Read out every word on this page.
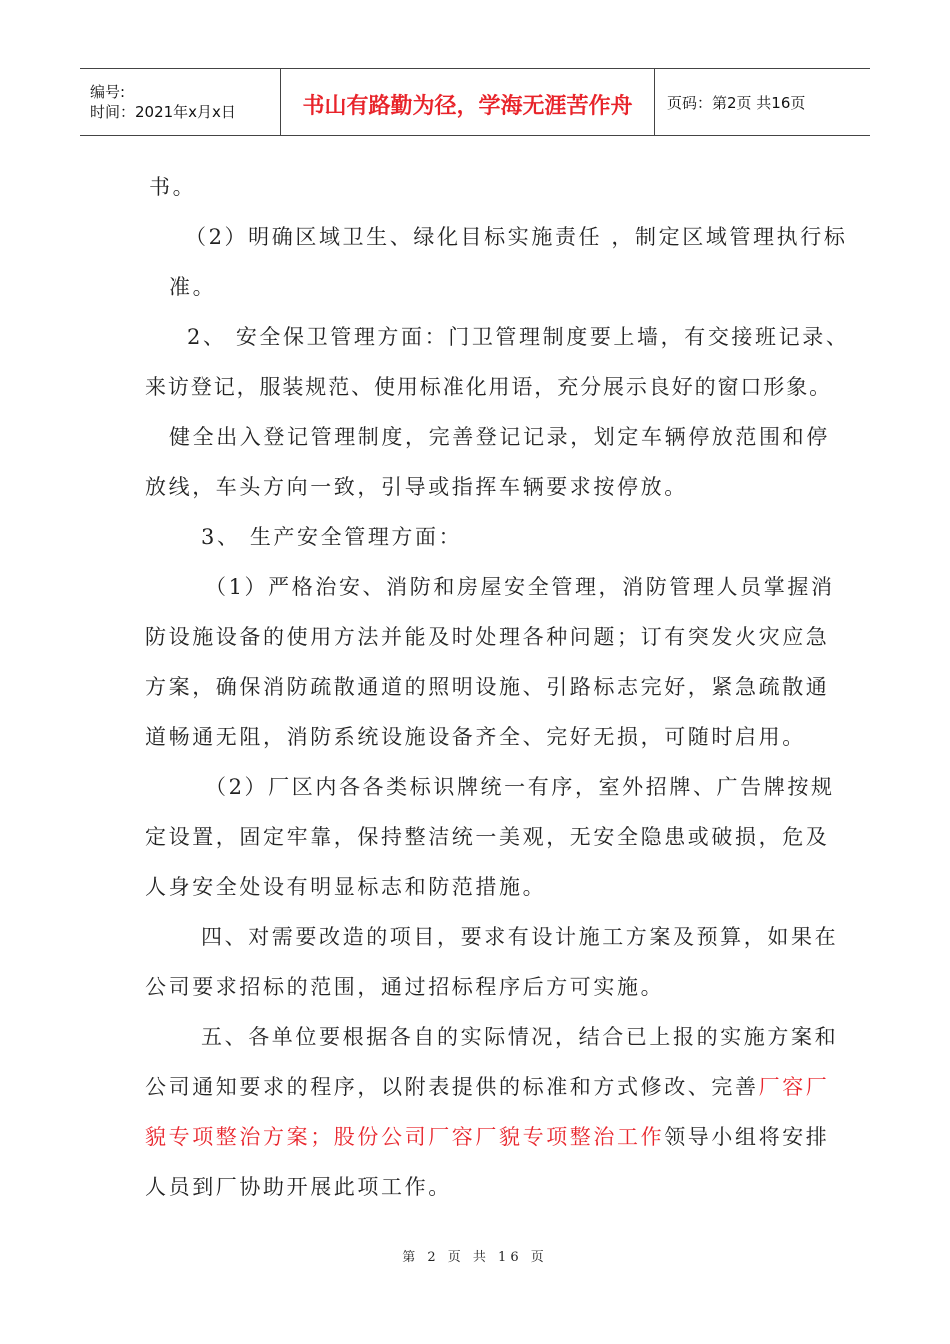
编号:
时间：2021年x月x日	书山有路勤为径，学海无涯苦作舟 页码：第2页 共16页

书。

（2）明确区域卫生、绿化目标实施责任 ，制定区域管理执行标

准。

2、 安全保卫管理方面：门卫管理制度要上墙，有交接班记录、

来访登记，服装规范、使用标准化用语，充分展示良好的窗口形象。

健全出入登记管理制度，完善登记记录，划定车辆停放范围和停

放线，车头方向一致，引导或指挥车辆要求按停放。

3、 生产安全管理方面：

（1）严格治安、消防和房屋安全管理，消防管理人员掌握消

防设施设备的使用方法并能及时处理各种问题；订有突发火灾应急

方案，确保消防疏散通道的照明设施、引路标志完好，紧急疏散通

道畅通无阻，消防系统设施设备齐全、完好无损，可随时启用。

（2）厂区内各各类标识牌统一有序，室外招牌、广告牌按规

定设置，固定牢靠，保持整洁统一美观，无安全隐患或破损，危及

人身安全处设有明显标志和防范措施。

四、对需要改造的项目，要求有设计施工方案及预算，如果在

公司要求招标的范围，通过招标程序后方可实施。

五、各单位要根据各自的实际情况，结合已上报的实施方案和

公司通知要求的程序，以附表提供的标准和方式修改、完善厂容厂

貌专项整治方案；股份公司厂容厂貌专项整治工作领导小组将安排

人员到厂协助开展此项工作。

第 2 页 共 16 页
